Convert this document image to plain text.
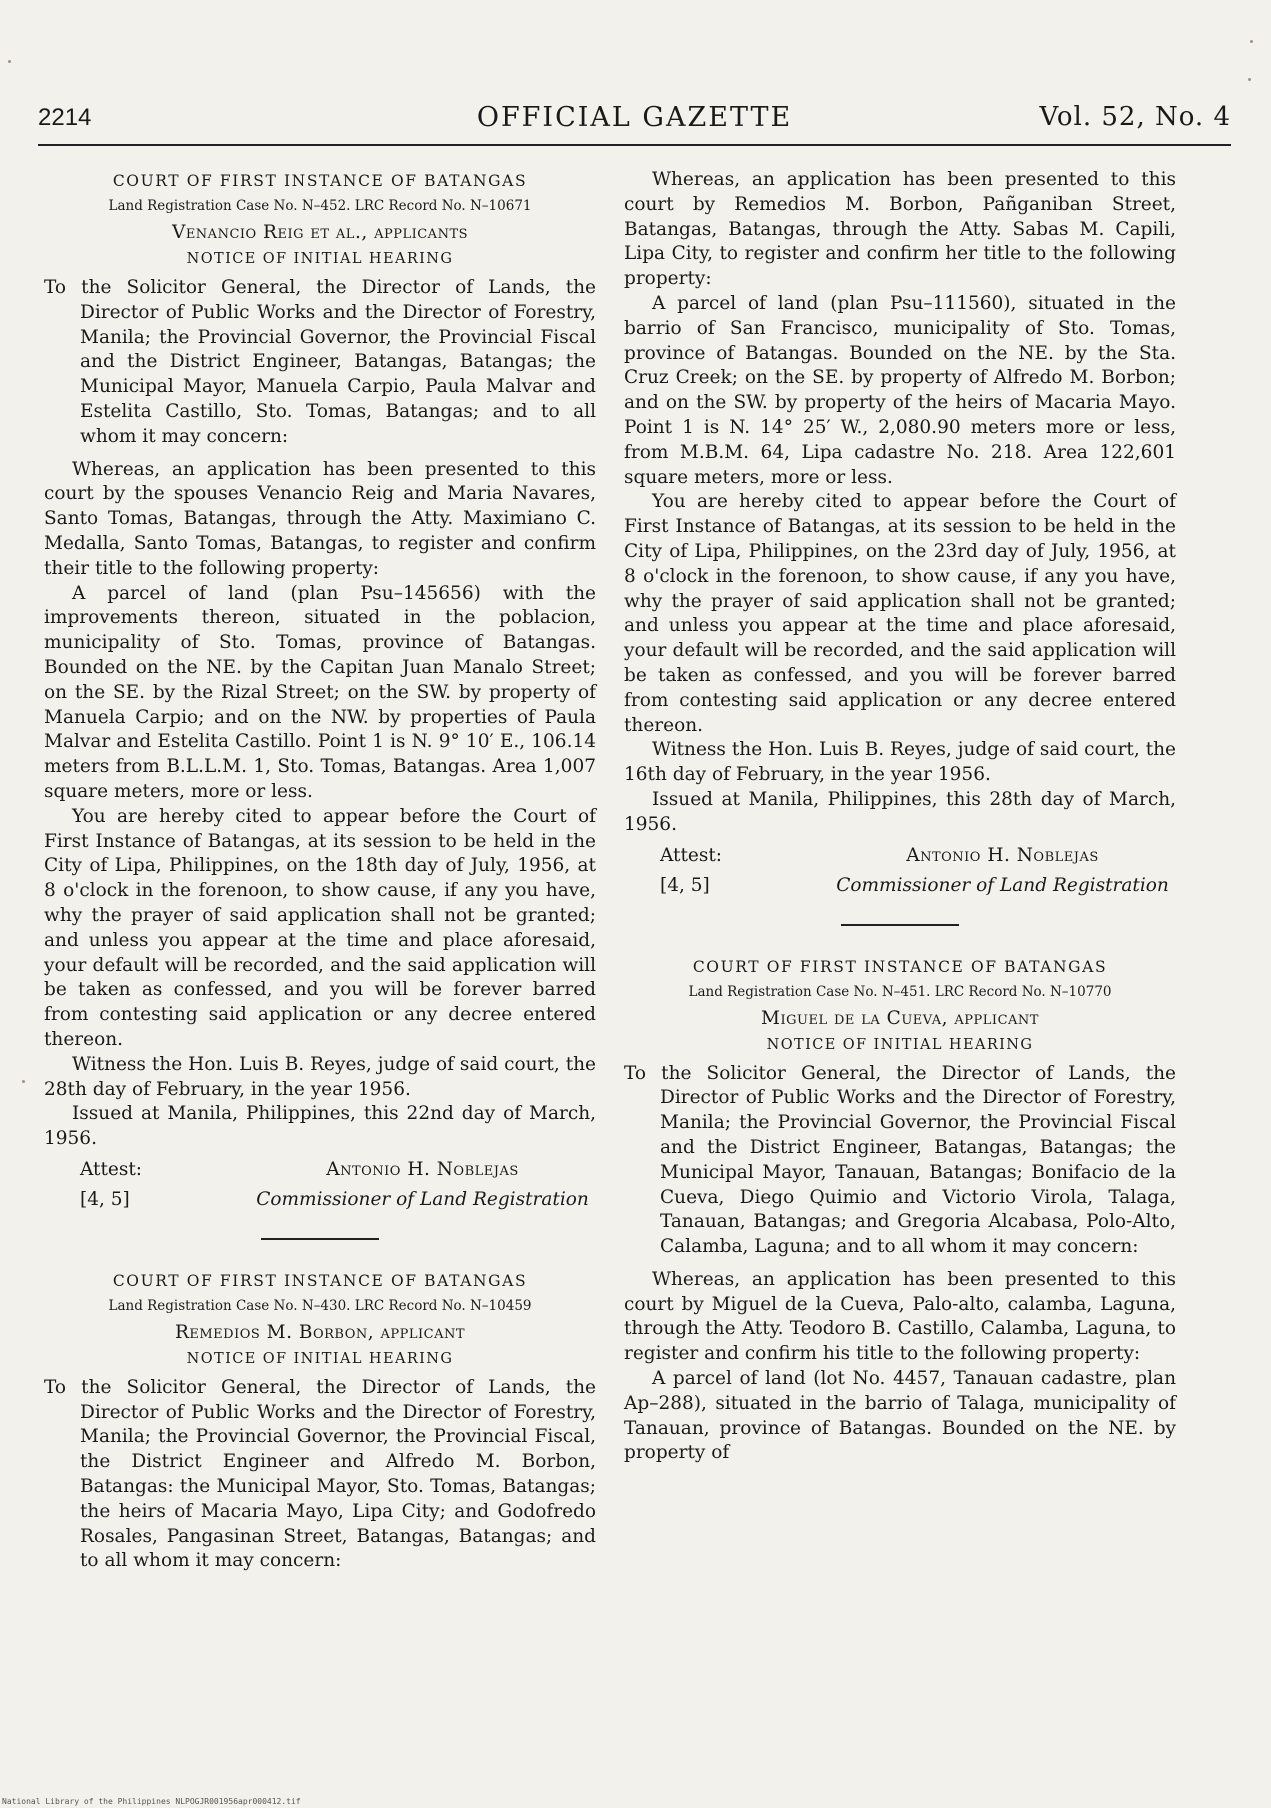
2214	OFFICIAL GAZETTE	Vol. 52, No. 4

COURT OF FIRST INSTANCE OF BATANGAS

Land Registration Case No. N–452. LRC Record No. N–10671

Venancio Reig et al., applicants

NOTICE OF INITIAL HEARING

To the Solicitor General, the Director of Lands, the Director of Public Works and the Director of Forestry, Manila; the Provincial Governor, the Provincial Fiscal and the District Engineer, Batangas, Batangas; the Municipal Mayor, Manuela Carpio, Paula Malvar and Estelita Castillo, Sto. Tomas, Batangas; and to all whom it may concern:

Whereas, an application has been presented to this court by the spouses Venancio Reig and Maria Navares, Santo Tomas, Batangas, through the Atty. Maximiano C. Medalla, Santo Tomas, Batangas, to register and confirm their title to the following property:

A parcel of land (plan Psu–145656) with the improvements thereon, situated in the poblacion, municipality of Sto. Tomas, province of Batangas. Bounded on the NE. by the Capitan Juan Manalo Street; on the SE. by the Rizal Street; on the SW. by property of Manuela Carpio; and on the NW. by properties of Paula Malvar and Estelita Castillo. Point 1 is N. 9° 10′ E., 106.14 meters from B.L.L.M. 1, Sto. Tomas, Batangas. Area 1,007 square meters, more or less.

You are hereby cited to appear before the Court of First Instance of Batangas, at its session to be held in the City of Lipa, Philippines, on the 18th day of July, 1956, at 8 o'clock in the forenoon, to show cause, if any you have, why the prayer of said application shall not be granted; and unless you appear at the time and place aforesaid, your default will be recorded, and the said application will be taken as confessed, and you will be forever barred from contesting said application or any decree entered thereon.

Witness the Hon. Luis B. Reyes, judge of said court, the 28th day of February, in the year 1956.

Issued at Manila, Philippines, this 22nd day of March, 1956.

Attest:	Antonio H. Noblejas
[4, 5]	Commissioner of Land Registration

COURT OF FIRST INSTANCE OF BATANGAS

Land Registration Case No. N–430. LRC Record No. N–10459

Remedios M. Borbon, applicant

NOTICE OF INITIAL HEARING

To the Solicitor General, the Director of Lands, the Director of Public Works and the Director of Forestry, Manila; the Provincial Governor, the Provincial Fiscal, the District Engineer and Alfredo M. Borbon, Batangas: the Municipal Mayor, Sto. Tomas, Batangas; the heirs of Macaria Mayo, Lipa City; and Godofredo Rosales, Pangasinan Street, Batangas, Batangas; and to all whom it may concern:

Whereas, an application has been presented to this court by Remedios M. Borbon, Pañganiban Street, Batangas, Batangas, through the Atty. Sabas M. Capili, Lipa City, to register and confirm her title to the following property:

A parcel of land (plan Psu–111560), situated in the barrio of San Francisco, municipality of Sto. Tomas, province of Batangas. Bounded on the NE. by the Sta. Cruz Creek; on the SE. by property of Alfredo M. Borbon; and on the SW. by property of the heirs of Macaria Mayo. Point 1 is N. 14° 25′ W., 2,080.90 meters more or less, from M.B.M. 64, Lipa cadastre No. 218. Area 122,601 square meters, more or less.

You are hereby cited to appear before the Court of First Instance of Batangas, at its session to be held in the City of Lipa, Philippines, on the 23rd day of July, 1956, at 8 o'clock in the forenoon, to show cause, if any you have, why the prayer of said application shall not be granted; and unless you appear at the time and place aforesaid, your default will be recorded, and the said application will be taken as confessed, and you will be forever barred from contesting said application or any decree entered thereon.

Witness the Hon. Luis B. Reyes, judge of said court, the 16th day of February, in the year 1956.

Issued at Manila, Philippines, this 28th day of March, 1956.

Attest:	Antonio H. Noblejas
[4, 5]	Commissioner of Land Registration

COURT OF FIRST INSTANCE OF BATANGAS

Land Registration Case No. N–451. LRC Record No. N–10770

Miguel de la Cueva, applicant

NOTICE OF INITIAL HEARING

To the Solicitor General, the Director of Lands, the Director of Public Works and the Director of Forestry, Manila; the Provincial Governor, the Provincial Fiscal and the District Engineer, Batangas, Batangas; the Municipal Mayor, Tanauan, Batangas; Bonifacio de la Cueva, Diego Quimio and Victorio Virola, Talaga, Tanauan, Batangas; and Gregoria Alcabasa, Polo-Alto, Calamba, Laguna; and to all whom it may concern:

Whereas, an application has been presented to this court by Miguel de la Cueva, Palo-alto, calamba, Laguna, through the Atty. Teodoro B. Castillo, Calamba, Laguna, to register and confirm his title to the following property:

A parcel of land (lot No. 4457, Tanauan cadastre, plan Ap–288), situated in the barrio of Talaga, municipality of Tanauan, province of Batangas. Bounded on the NE. by property of

National Library of the Philippines NLPOGJR001956apr000412.tif
